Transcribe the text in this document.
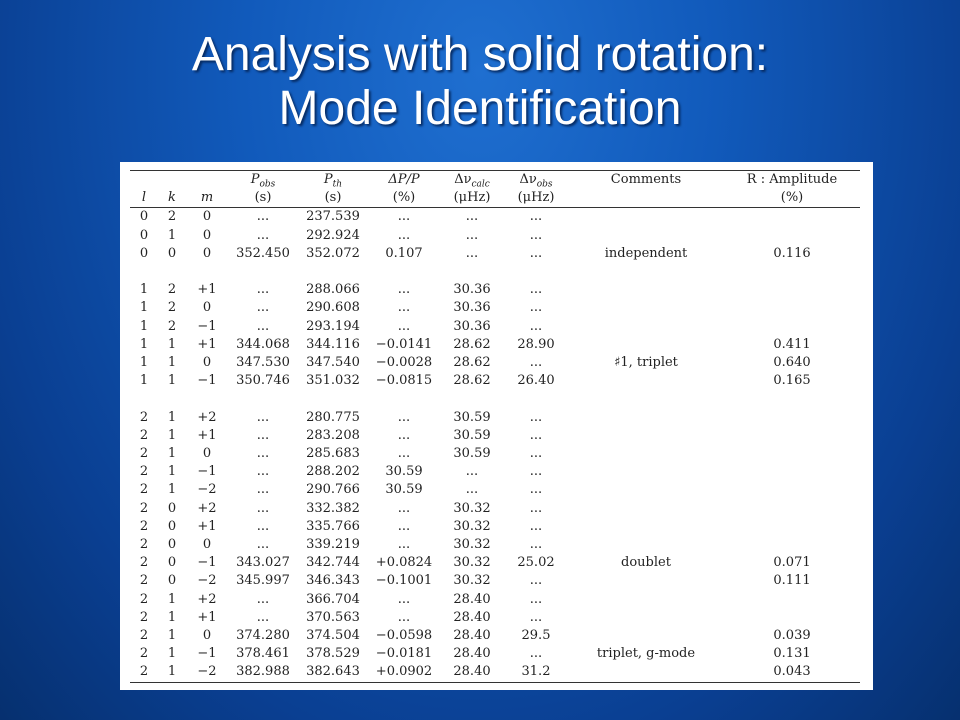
Analysis with solid rotation:
Mode Identification
			$P_{obs}$	$P_{th}$	ΔP/P	$\Delta\nu_{calc}$	$\Delta\nu_{obs}$	Comments	R : Amplitude
l	k	m	(s)	(s)	(%)	(μHz)	(μHz)		(%)
0	2	0	...	237.539	...	...	...		
0	1	0	...	292.924	...	...	...		
0	0	0	352.450	352.072	0.107	...	...	independent	0.116

1	2	+1	...	288.066	...	30.36	...		
1	2	0	...	290.608	...	30.36	...		
1	2	−1	...	293.194	...	30.36	...		
1	1	+1	344.068	344.116	−0.0141	28.62	28.90		0.411
1	1	0	347.530	347.540	−0.0028	28.62	...	♯1, triplet	0.640
1	1	−1	350.746	351.032	−0.0815	28.62	26.40		0.165

2	1	+2	...	280.775	...	30.59	...		
2	1	+1	...	283.208	...	30.59	...		
2	1	0	...	285.683	...	30.59	...		
2	1	−1	...	288.202	30.59	...	...		
2	1	−2	...	290.766	30.59	...	...		
2	0	+2	...	332.382	...	30.32	...		
2	0	+1	...	335.766	...	30.32	...		
2	0	0	...	339.219	...	30.32	...		
2	0	−1	343.027	342.744	+0.0824	30.32	25.02	doublet	0.071
2	0	−2	345.997	346.343	−0.1001	30.32	...		0.111
2	1	+2	...	366.704	...	28.40	...		
2	1	+1	...	370.563	...	28.40	...		
2	1	0	374.280	374.504	−0.0598	28.40	29.5		0.039
2	1	−1	378.461	378.529	−0.0181	28.40	...	triplet, g-mode	0.131
2	1	−2	382.988	382.643	+0.0902	28.40	31.2		0.043
